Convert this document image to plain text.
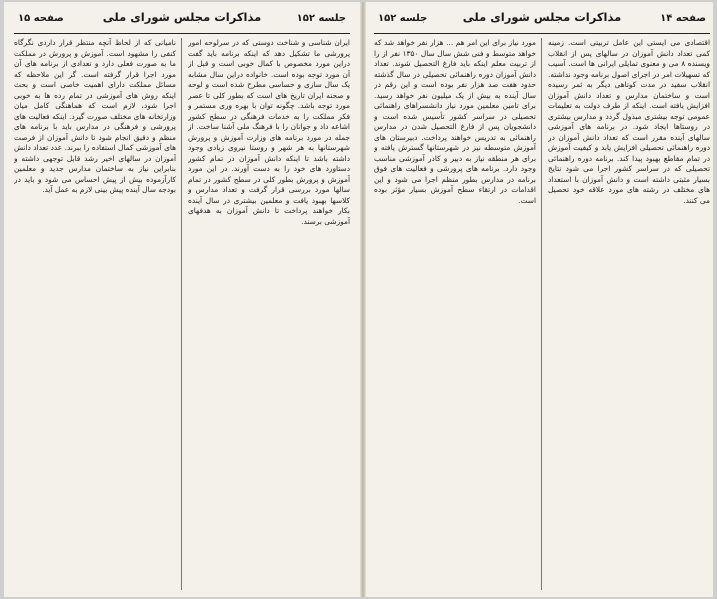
جلسه ۱۵۲
مذاکرات مجلس شورای ملی
صفحه ۱۵

ایران شناسی و شناخت دوستی که در سرلوحه امور پرورشی ما تشکیل دهد که اینکه برنامه باید گفت دراین مورد مخصوص با کمال خوبی است و قبل از آن مورد توجه بوده است. خانواده دراین سال مشابه یک سال سازی و حساسی مطرح شده است و لوحه و صحنه ایران تاریخ های است که بطور کلی تا عصر مورد توجه باشد. چگونه توان با بهره وری مستمر و فکر مملکت را به خدمات فرهنگی در سطح کشور اشاعه داد و جوانان را با فرهنگ ملی آشنا ساخت. از جمله در مورد برنامه های وزارت آموزش و پرورش شهرستانها به هر شهر و روستا نیروی زیادی وجود داشته باشد تا اینکه دانش آموزان در تمام کشور دستاورد های خود را به دست آورند. در این مورد آموزش و پرورش بطور کلی در سطح کشور در تمام سالها مورد بررسی قرار گرفت و تعداد مدارس و کلاسها بهبود یافت و معلمین بیشتری در سال آینده بکار خواهند پرداخت تا دانش آموزان به هدفهای آموزشی برسند.

نامیانی که از لحاظ آنچه منتظر قرار داردی نگرگاه کنفی را مشهود است. آموزش و پرورش در مملکت ما به صورت فعلی دارد و تعدادی از برنامه های آن مورد اجرا قرار گرفته است. گر این ملاحظه که مسائل مملکت دارای اهمیت خاصی است و بحث اینکه روش های آموزشی در تمام رده ها به خوبی اجرا شود، لازم است که هماهنگی کامل میان وزارتخانه های مختلف صورت گیرد. اینکه فعالیت های پرورشی و فرهنگی در مدارس باید با برنامه های منظم و دقیق انجام شود تا دانش آموزان از فرصت های آموزشی کمال استفاده را ببرند. عدد تعداد دانش آموزان در سالهای اخیر رشد قابل توجهی داشته و بنابراین نیاز به ساختمان مدارس جدید و معلمین کارآزموده بیش از پیش احساس می شود و باید در بودجه سال آینده پیش بینی لازم به عمل آید.

صفحه ۱۴
مذاکرات مجلس شورای ملی
جلسه ۱۵۲

اقتصادی می ایستی این عامل تربیتی است. زمینه کمی تعداد دانش آموزان در سالهای پس از انقلاب ویسنده ۸ می و معنوی تمایلی ایرانی ها است. آسیب که تسهیلات امر در اجرای اصول برنامه وجود نداشته. انقلاب سفید در مدت کوتاهی دیگر به ثمر رسیده است و ساختمان مدارس و تعداد دانش آموزان افزایش یافته است. اینکه از طرف دولت به تعلیمات عمومی توجه بیشتری مبذول گردد و مدارس بیشتری در روستاها ایجاد شود. در برنامه های آموزشی سالهای آینده مقرر است که تعداد دانش آموزان در دوره راهنمائی تحصیلی افزایش یابد و کیفیت آموزش در تمام مقاطع بهبود پیدا کند. برنامه دوره راهنمائی تحصیلی که در سراسر کشور اجرا می شود نتایج بسیار مثبتی داشته است و دانش آموزان با استعداد های مختلف در رشته های مورد علاقه خود تحصیل می کنند.

مورد نیاز برای این امر هم ... هزار نفر خواهد شد که خواهد متوسط و فنی شش سال سال ۱۳۵۰ نفر از را از تربیت معلم اینکه باید فارغ التحصیل شوند. تعداد دانش آموزان دوره راهنمائی تحصیلی در سال گذشته حدود هفت صد هزار نفر بوده است و این رقم در سال آینده به بیش از یک میلیون نفر خواهد رسید. برای تامین معلمین مورد نیاز دانشسراهای راهنمائی تحصیلی در سراسر کشور تأسیس شده است و دانشجویان پس از فارغ التحصیل شدن در مدارس راهنمائی به تدریس خواهند پرداخت. دبیرستان های آموزش متوسطه نیز در شهرستانها گسترش یافته و برای هر منطقه نیاز به دبیر و کادر آموزشی مناسب وجود دارد. برنامه های پرورشی و فعالیت های فوق برنامه در مدارس بطور منظم اجرا می شود و این اقدامات در ارتقاء سطح آموزش بسیار مؤثر بوده است.
